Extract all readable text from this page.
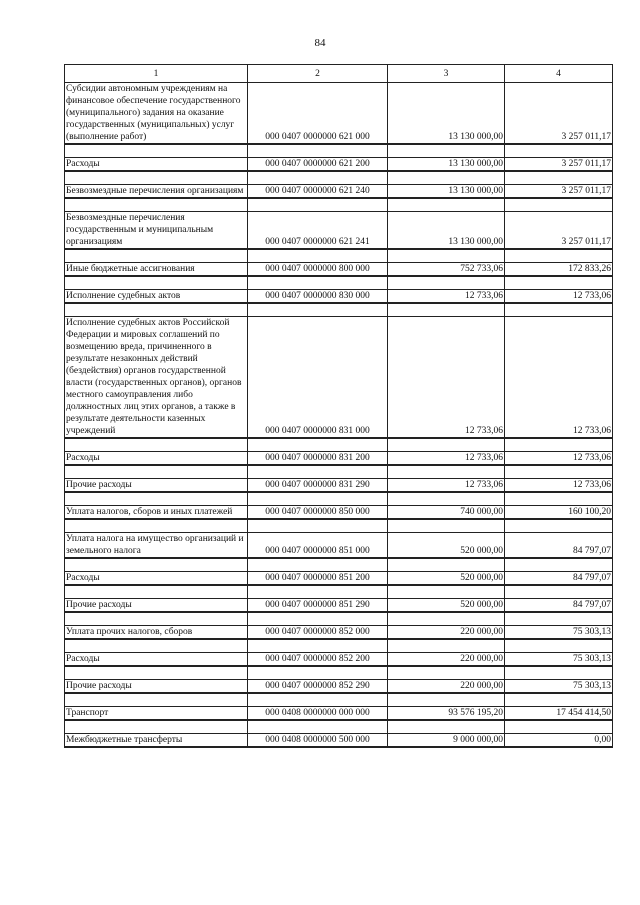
84
1	2	3	4
Субсидии автономным учреждениям на финансовое обеспечение государственного (муниципального) задания на оказание государственных (муниципальных) услуг (выполнение работ)	000 0407 0000000 621 000	13 130 000,00	3 257 011,17

Расходы	000 0407 0000000 621 200	13 130 000,00	3 257 011,17

Безвозмездные перечисления организациям	000 0407 0000000 621 240	13 130 000,00	3 257 011,17

Безвозмездные перечисления государственным и муниципальным организациям	000 0407 0000000 621 241	13 130 000,00	3 257 011,17

Иные бюджетные ассигнования	000 0407 0000000 800 000	752 733,06	172 833,26

Исполнение судебных актов	000 0407 0000000 830 000	12 733,06	12 733,06

Исполнение судебных актов Российской Федерации и мировых соглашений по возмещению вреда, причиненного в результате незаконных действий (бездействия) органов государственной власти (государственных органов), органов местного самоуправления либо должностных лиц этих органов, а также в результате деятельности казенных учреждений	000 0407 0000000 831 000	12 733,06	12 733,06

Расходы	000 0407 0000000 831 200	12 733,06	12 733,06

Прочие расходы	000 0407 0000000 831 290	12 733,06	12 733,06

Уплата налогов, сборов и иных платежей	000 0407 0000000 850 000	740 000,00	160 100,20

Уплата налога на имущество организаций и земельного налога	000 0407 0000000 851 000	520 000,00	84 797,07

Расходы	000 0407 0000000 851 200	520 000,00	84 797,07

Прочие расходы	000 0407 0000000 851 290	520 000,00	84 797,07

Уплата прочих налогов, сборов	000 0407 0000000 852 000	220 000,00	75 303,13

Расходы	000 0407 0000000 852 200	220 000,00	75 303,13

Прочие расходы	000 0407 0000000 852 290	220 000,00	75 303,13

Транспорт	000 0408 0000000 000 000	93 576 195,20	17 454 414,50

Межбюджетные трансферты	000 0408 0000000 500 000	9 000 000,00	0,00
